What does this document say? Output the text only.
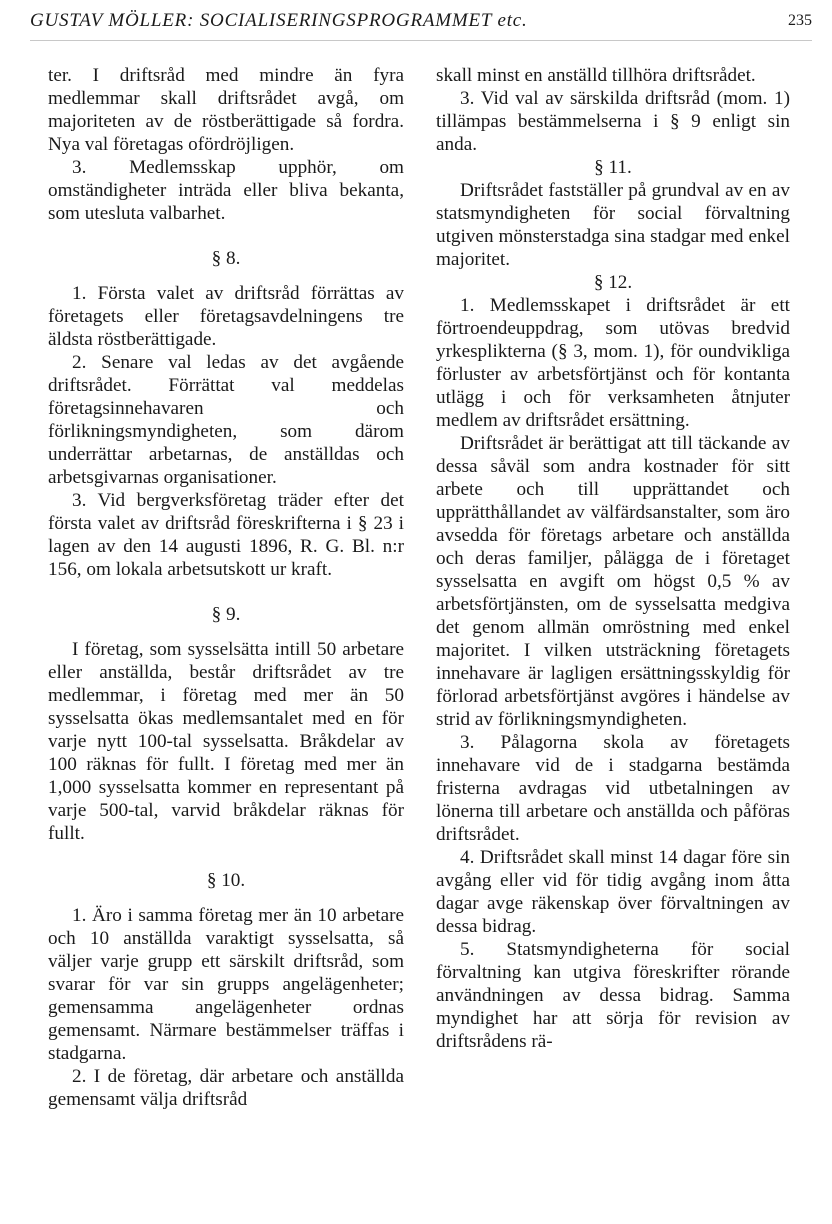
GUSTAV MÖLLER: SOCIALISERINGSPROGRAMMET etc.	235

ter. I driftsråd med mindre än fyra medlemmar skall driftsrådet avgå, om majoriteten av de röstberättigade så fordra. Nya val företagas ofördröjligen.

3. Medlemsskap upphör, om omständigheter inträda eller bliva bekanta, som utesluta valbarhet.

§ 8.

1. Första valet av driftsråd förrättas av företagets eller företagsavdelningens tre äldsta röstberättigade.

2. Senare val ledas av det avgående driftsrådet. Förrättat val meddelas företagsinnehavaren och förlikningsmyndigheten, som därom underrättar arbetarnas, de anställdas och arbetsgivarnas organisationer.

3. Vid bergverksföretag träder efter det första valet av driftsråd föreskrifterna i § 23 i lagen av den 14 augusti 1896, R. G. Bl. n:r 156, om lokala arbetsutskott ur kraft.

§ 9.

I företag, som sysselsätta intill 50 arbetare eller anställda, består driftsrådet av tre medlemmar, i företag med mer än 50 sysselsatta ökas medlemsantalet med en för varje nytt 100-tal sysselsatta. Bråkdelar av 100 räknas för fullt. I företag med mer än 1,000 sysselsatta kommer en representant på varje 500-tal, varvid bråkdelar räknas för fullt.

§ 10.

1. Äro i samma företag mer än 10 arbetare och 10 anställda varaktigt sysselsatta, så väljer varje grupp ett särskilt driftsråd, som svarar för var sin grupps angelägenheter; gemensamma angelägenheter ordnas gemensamt. Närmare bestämmelser träffas i stadgarna.

2. I de företag, där arbetare och anställda gemensamt välja driftsråd

skall minst en anställd tillhöra driftsrådet.

3. Vid val av särskilda driftsråd (mom. 1) tillämpas bestämmelserna i § 9 enligt sin anda.

§ 11.

Driftsrådet fastställer på grundval av en av statsmyndigheten för social förvaltning utgiven mönsterstadga sina stadgar med enkel majoritet.

§ 12.

1. Medlemsskapet i driftsrådet är ett förtroendeuppdrag, som utövas bredvid yrkesplikterna (§ 3, mom. 1), för oundvikliga förluster av arbetsförtjänst och för kontanta utlägg i och för verksamheten åtnjuter medlem av driftsrådet ersättning.

Driftsrådet är berättigat att till täckande av dessa såväl som andra kostnader för sitt arbete och till upprättandet och upprätthållandet av välfärdsanstalter, som äro avsedda för företags arbetare och anställda och deras familjer, pålägga de i företaget sysselsatta en avgift om högst 0,5 % av arbetsförtjänsten, om de sysselsatta medgiva det genom allmän omröstning med enkel majoritet. I vilken utsträckning företagets innehavare är lagligen ersättningsskyldig för förlorad arbetsförtjänst avgöres i händelse av strid av förlikningsmyndigheten.

3. Pålagorna skola av företagets innehavare vid de i stadgarna bestämda fristerna avdragas vid utbetalningen av lönerna till arbetare och anställda och påföras driftsrådet.

4. Driftsrådet skall minst 14 dagar före sin avgång eller vid för tidig avgång inom åtta dagar avge räkenskap över förvaltningen av dessa bidrag.

5. Statsmyndigheterna för social förvaltning kan utgiva föreskrifter rörande användningen av dessa bidrag. Samma myndighet har att sörja för revision av driftsrådens rä-
